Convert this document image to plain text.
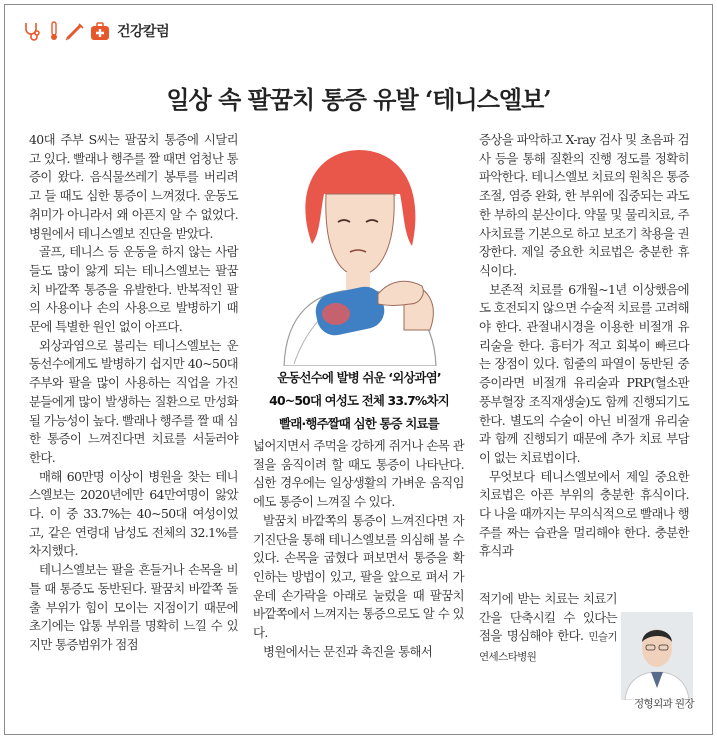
건강칼럼
일상 속 팔꿈치 통증 유발 ‘테니스엘보’

40대 주부 S씨는 팔꿈치 통증에 시달리고 있다. 빨래나 행주를 짤 때면 엄청난 통증이 왔다. 음식물쓰레기 봉투를 버리려고 들 때도 심한 통증이 느껴졌다. 운동도 취미가 아니라서 왜 아픈지 알 수 없었다. 병원에서 테니스엘보 진단을 받았다.

골프, 테니스 등 운동을 하지 않는 사람들도 많이 앓게 되는 테니스엘보는 팔꿈치 바깥쪽 통증을 유발한다. 반복적인 팔의 사용이나 손의 사용으로 발병하기 때문에 특별한 원인 없이 아프다.

외상과염으로 불리는 테니스엘보는 운동선수에게도 발병하기 쉽지만 40~50대 주부와 팔을 많이 사용하는 직업을 가진 분들에게 많이 발생하는 질환으로 만성화될 가능성이 높다. 빨래나 행주를 짤 때 심한 통증이 느껴진다면 치료를 서둘러야 한다.

매해 60만명 이상이 병원을 찾는 테니스엘보는 2020년에만 64만여명이 앓았다. 이 중 33.7%는 40~50대 여성이었고, 같은 연령대 남성도 전체의 32.1%를 차지했다.

테니스엘보는 팔을 흔들거나 손목을 비틀 때 통증도 동반된다. 팔꿈치 바깥쪽 돌출 부위가 힘이 모이는 지점이기 때문에 초기에는 압통 부위를 명확히 느낄 수 있지만 통증범위가 점점

운동선수에 발병 쉬운 ‘외상과염’
40~50대 여성도 전체 33.7%차지
빨래·행주짤때 심한 통증 치료를

넓어지면서 주먹을 강하게 쥐거나 손목 관절을 움직이려 할 때도 통증이 나타난다. 심한 경우에는 일상생활의 가벼운 움직임에도 통증이 느껴질 수 있다.

발꿈치 바깥쪽의 통증이 느껴진다면 자기진단을 통해 테니스엘보를 의심해 볼 수 있다. 손목을 굽혔다 펴보면서 통증을 확인하는 방법이 있고, 팔을 앞으로 펴서 가운데 손가락을 아래로 눌렀을 때 팔꿈치 바깥쪽에서 느껴지는 통증으로도 알 수 있다.

병원에서는 문진과 촉진을 통해서

증상을 파악하고 X-ray 검사 및 초음파 검사 등을 통해 질환의 진행 정도를 정확히 파악한다. 테니스엘보 치료의 원칙은 통증 조절, 염증 완화, 한 부위에 집중되는 과도한 부하의 분산이다. 약물 및 물리치료, 주사치료를 기본으로 하고 보조기 착용을 권장한다. 제일 중요한 치료법은 충분한 휴식이다.

보존적 치료를 6개월~1년 이상했음에도 호전되지 않으면 수술적 치료를 고려해야 한다. 관절내시경을 이용한 비절개 유리술을 한다. 흉터가 적고 회복이 빠르다는 장점이 있다. 힘줄의 파열이 동반된 중증이라면 비절개 유리술과 PRP(혈소판 풍부혈장 조직재생술)도 함께 진행되기도 한다. 별도의 수술이 아닌 비절개 유리술과 함께 진행되기 때문에 추가 치료 부담이 없는 치료법이다.

무엇보다 테니스엘보에서 제일 중요한 치료법은 아픈 부위의 충분한 휴식이다. 다 나을 때까지는 무의식적으로 빨래나 행주를 짜는 습관을 멀리해야 한다. 충분한 휴식과

적기에 받는 치료는 치료기간을 단축시킬 수 있다는 점을 명심해야 한다. 민슬기 연세스타병원

정형외과 원장
